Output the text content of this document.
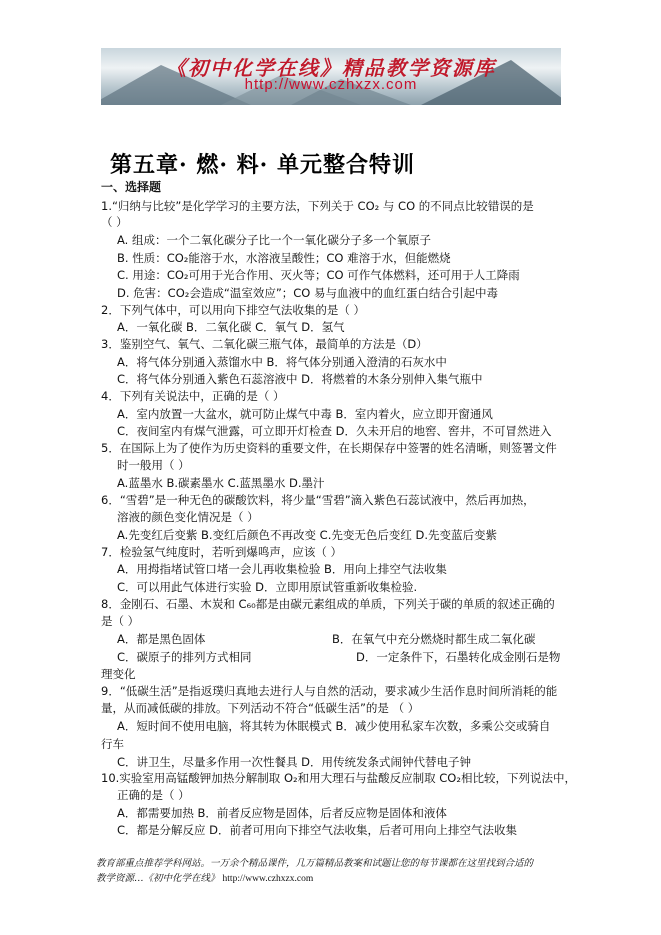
《初中化学在线》精品教学资源库
http://www.czhxzx.com
第五章· 燃· 料· 单元整合特训
一、选择题
1.“归纳与比较”是化学学习的主要方法，下列关于 CO₂ 与 CO 的不同点比较错误的是
（ ）
A. 组成：一个二氧化碳分子比一个一氧化碳分子多一个氧原子
B. 性质：CO₂能溶于水，水溶液呈酸性；CO 难溶于水，但能燃烧
C. 用途：CO₂可用于光合作用、灭火等；CO 可作气体燃料，还可用于人工降雨
D. 危害：CO₂会造成“温室效应”；CO 易与血液中的血红蛋白结合引起中毒
2．下列气体中，可以用向下排空气法收集的是（ ）
A．一氧化碳 B．二氧化碳 C．氧气 D．氢气
3．鉴别空气、氧气、二氧化碳三瓶气体，最简单的方法是（D）
A．将气体分别通入蒸馏水中 B．将气体分别通入澄清的石灰水中
C．将气体分别通入紫色石蕊溶液中 D．将燃着的木条分别伸入集气瓶中
4．下列有关说法中，正确的是（ ）
A．室内放置一大盆水，就可防止煤气中毒 B．室内着火，应立即开窗通风
C．夜间室内有煤气泄露，可立即开灯检查 D．久未开启的地窖、窖井，不可冒然进入
5．在国际上为了使作为历史资料的重要文件，在长期保存中签署的姓名清晰，则签署文件
时一般用（ ）
A.蓝墨水 B.碳素墨水 C.蓝黑墨水 D.墨汁
6．“雪碧”是一种无色的碳酸饮料，将少量“雪碧”滴入紫色石蕊试液中，然后再加热，
溶液的颜色变化情况是（ ）
A.先变红后变紫 B.变红后颜色不再改变 C.先变无色后变红 D.先变蓝后变紫
7．检验氢气纯度时，若听到爆鸣声，应该（ ）
A．用拇指堵试管口堵一会儿再收集检验 B．用向上排空气法收集
C．可以用此气体进行实验 D．立即用原试管重新收集检验.
8．金刚石、石墨、木炭和 C₆₀都是由碳元素组成的单质，下列关于碳的单质的叙述正确的
是（ ）
A．都是黑色固体	B．在氧气中充分燃烧时都生成二氧化碳
C．碳原子的排列方式相同	D．一定条件下，石墨转化成金刚石是物
理变化
9．“低碳生活”是指返璞归真地去进行人与自然的活动，要求减少生活作息时间所消耗的能
量，从而减低碳的排放。下列活动不符合“低碳生活”的是 （ ）
A．短时间不使用电脑，将其转为休眠模式 B．减少使用私家车次数，多乘公交或骑自
行车
C．讲卫生，尽量多作用一次性餐具 D．用传统发条式闹钟代替电子钟
10.实验室用高锰酸钾加热分解制取 O₂和用大理石与盐酸反应制取 CO₂相比较，下列说法中，
正确的是（ ）
A．都需要加热 B．前者反应物是固体，后者反应物是固体和液体
C．都是分解反应 D．前者可用向下排空气法收集，后者可用向上排空气法收集
教育部重点推荐学科网站。一万余个精品课件，几万篇精品教案和试题让您的每节课都在这里找到合适的
教学资源…《初中化学在线》 http://www.czhxzx.com
